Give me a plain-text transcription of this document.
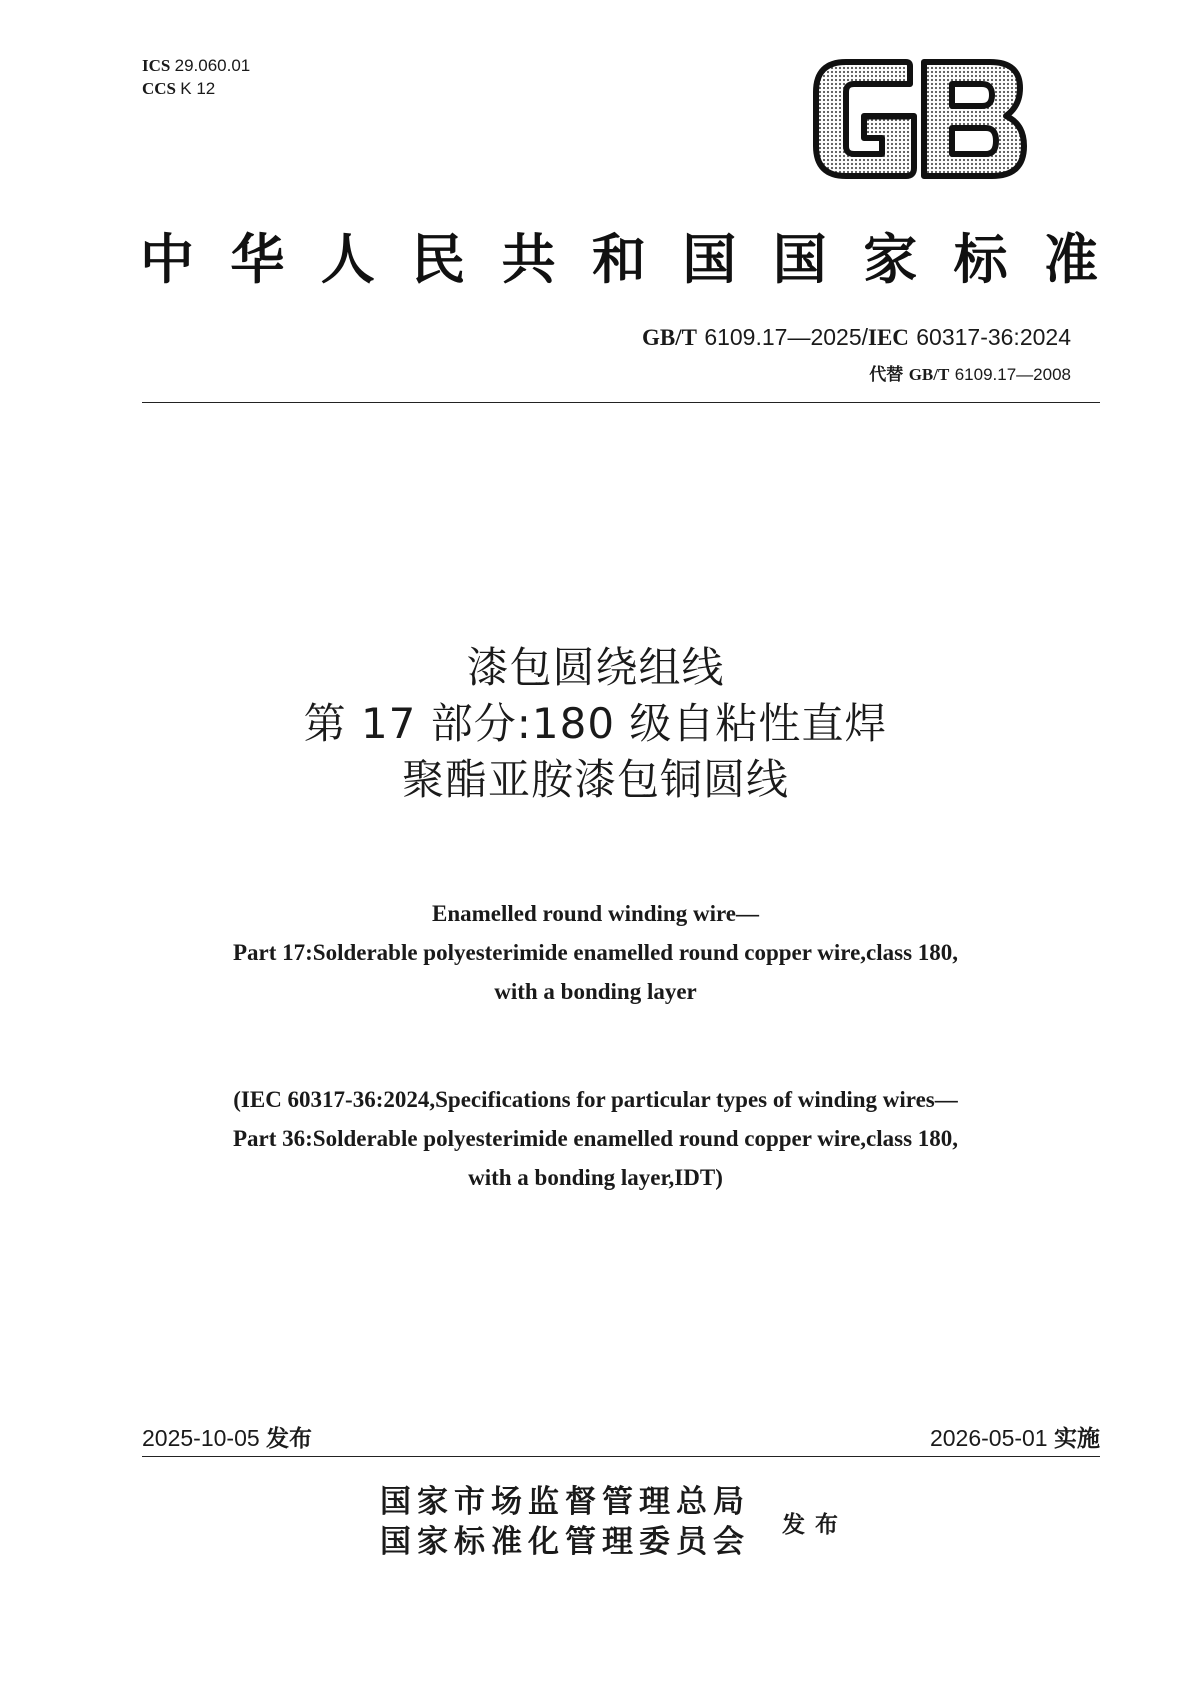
ICS 29.060.01
CCS K 12
中华人民共和国国家标准
GB/T 6109.17—2025/IEC 60317-36:2024
代替 GB/T 6109.17—2008
漆包圆绕组线
第 17 部分:180 级自粘性直焊
聚酯亚胺漆包铜圆线
Enamelled round winding wire—
Part 17:Solderable polyesterimide enamelled round copper wire,class 180,
with a bonding layer
(IEC 60317-36:2024,Specifications for particular types of winding wires—
Part 36:Solderable polyesterimide enamelled round copper wire,class 180,
with a bonding layer,IDT)
2025-10-05 发布	2026-05-01 实施
国家市场监督管理总局
国家标准化管理委员会 发布
